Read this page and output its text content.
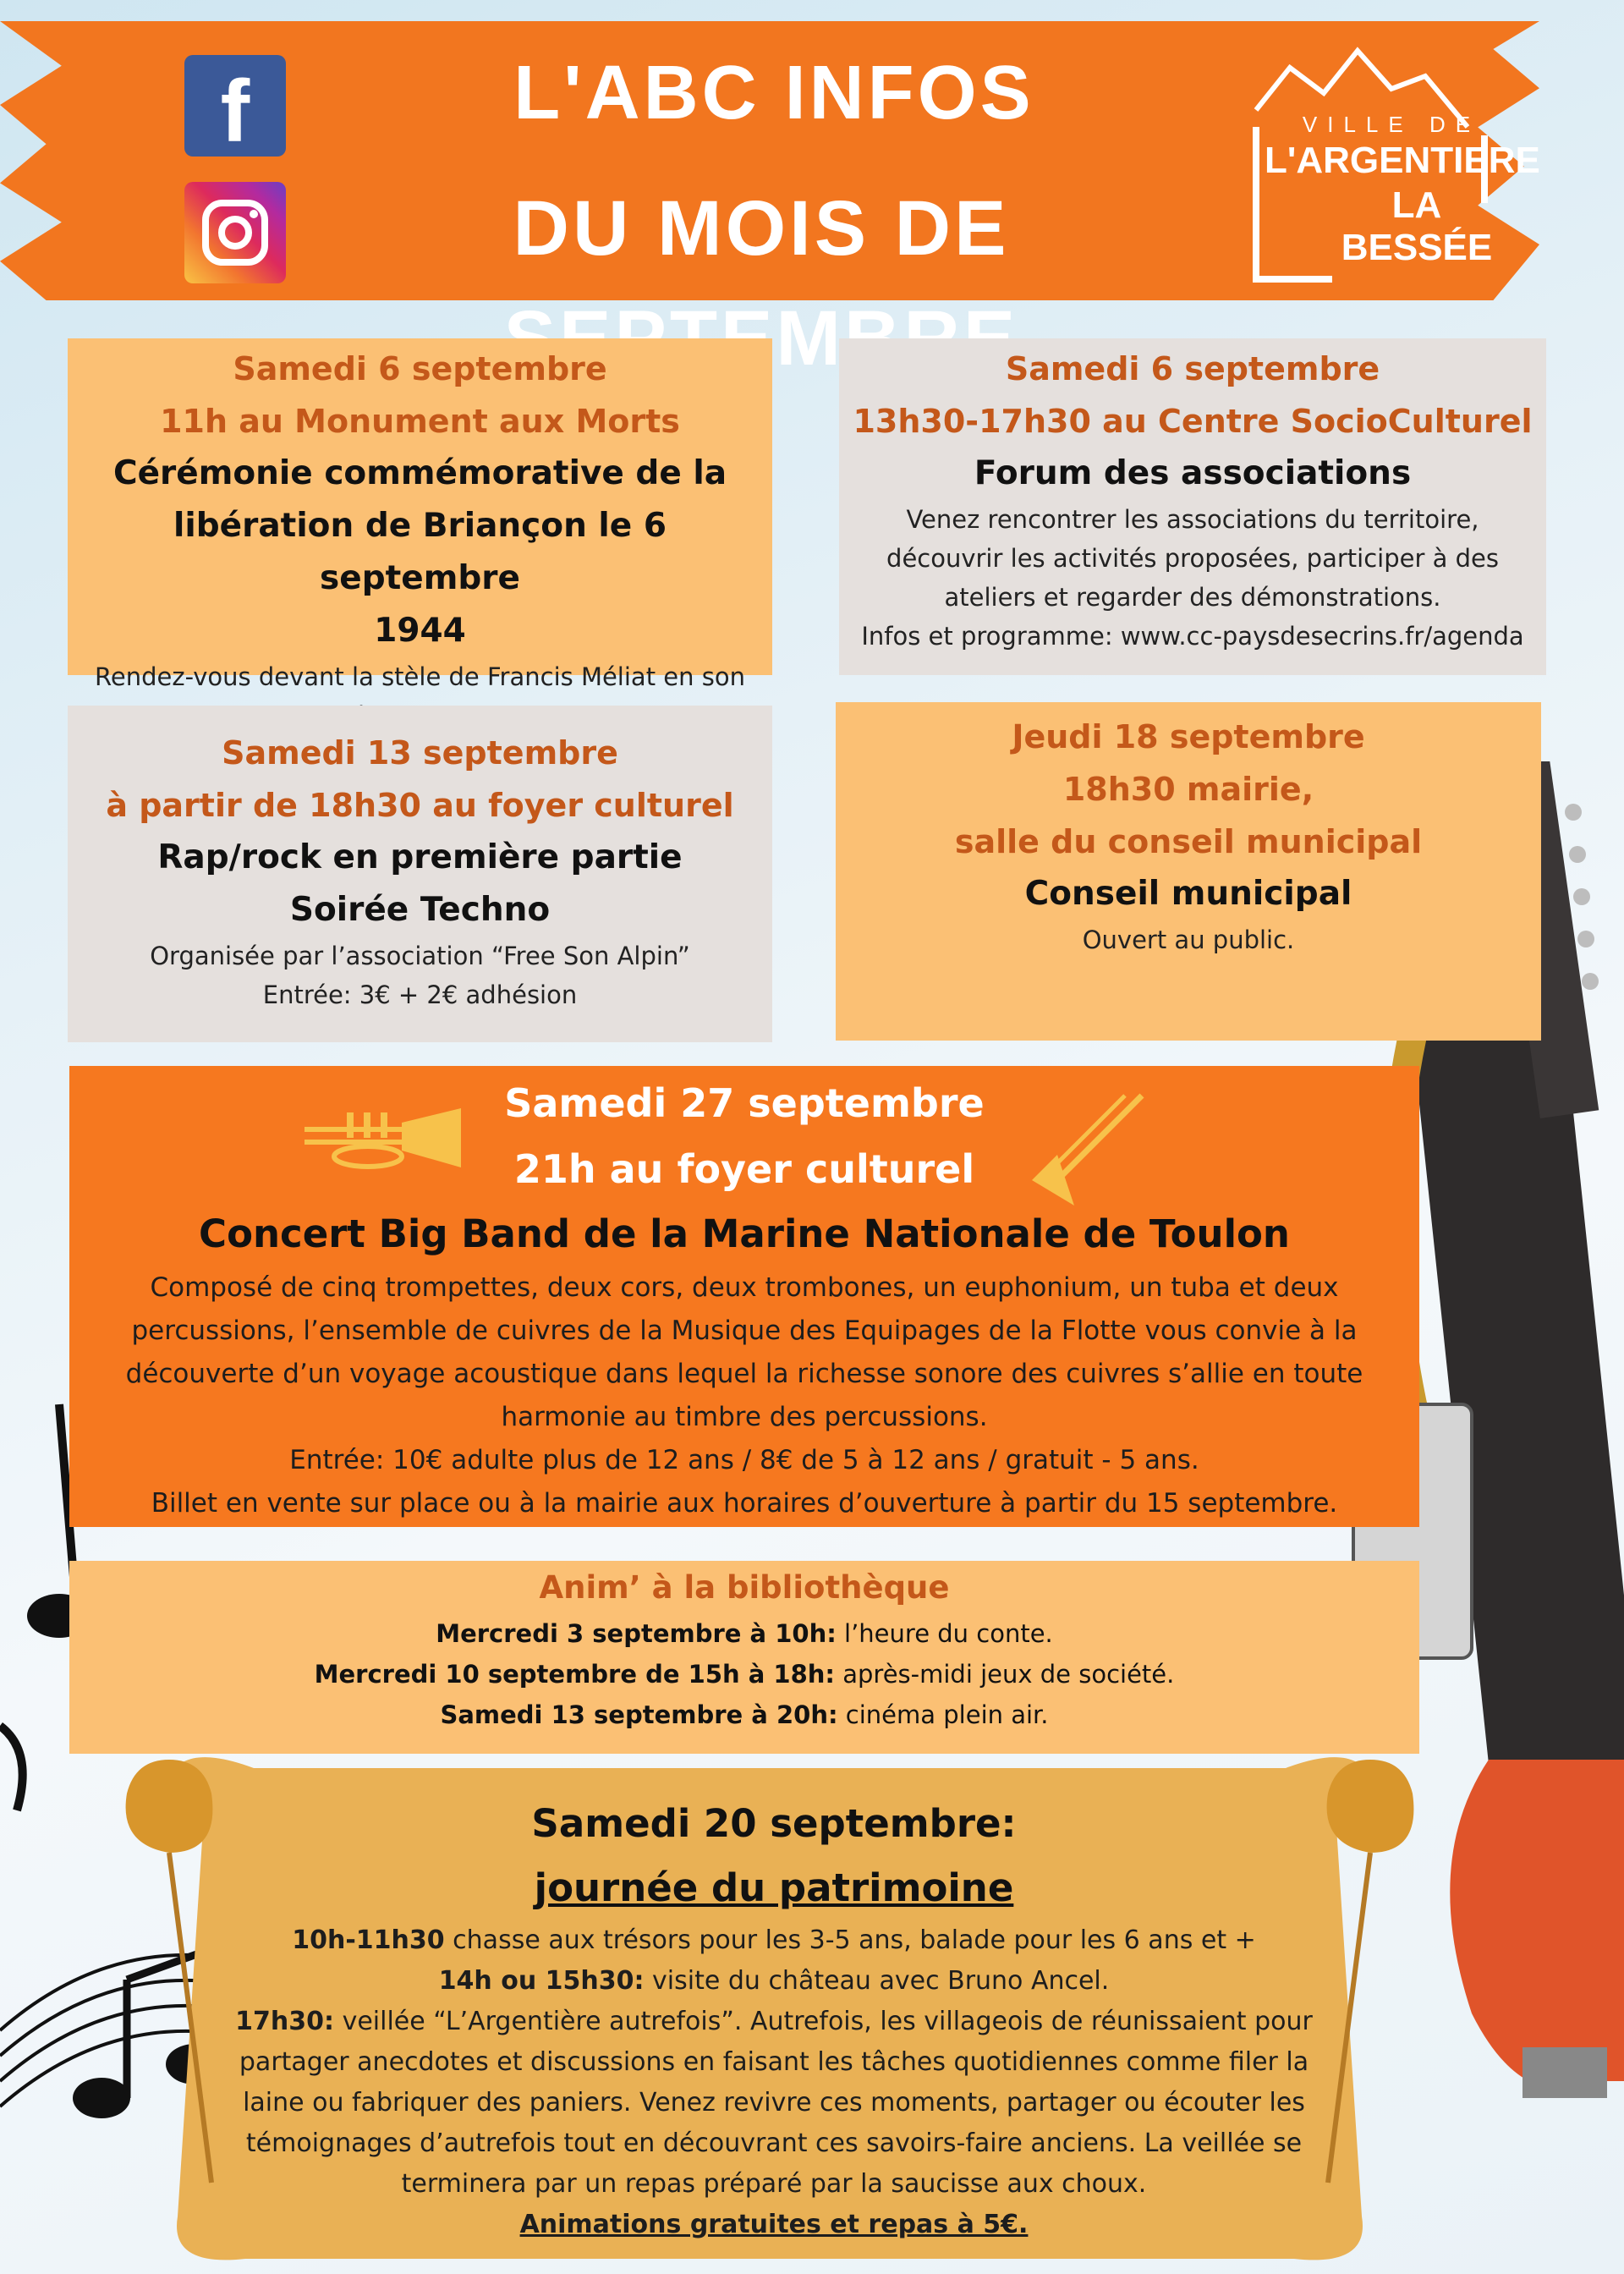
L'ABC INFOS
DU MOIS DE
f	VILLE DE
L'ARGENTIERE
LA BESSÉE
Samedi 6 septembre
11h au Monument aux Morts
Cérémonie commémorative de la
libération de Briançon le 6 septembre
1944
Rendez-vous devant la stèle de Francis Méliat en son
Samedi 6 septembre
13h30-17h30 au Centre SocioCulturel
Forum des associations
Venez rencontrer les associations du territoire,
découvrir les activités proposées, participer à des
ateliers et regarder des démonstrations.
Infos et programme: www.cc-paysdesecrins.fr/agenda
Samedi 13 septembre
à partir de 18h30 au foyer culturel
Rap/rock en première partie
Soirée Techno
Organisée par l’association “Free Son Alpin”
Entrée: 3€ + 2€ adhésion
Jeudi 18 septembre
18h30 mairie,
salle du conseil municipal
Conseil municipal
Ouvert au public.
Samedi 27 septembre
21h au foyer culturel
Concert Big Band de la Marine Nationale de Toulon
Composé de cinq trompettes, deux cors, deux trombones, un euphonium, un tuba et deux
percussions, l’ensemble de cuivres de la Musique des Equipages de la Flotte vous convie à la
découverte d’un voyage acoustique dans lequel la richesse sonore des cuivres s’allie en toute
harmonie au timbre des percussions.
Entrée: 10€ adulte plus de 12 ans / 8€ de 5 à 12 ans / gratuit - 5 ans.
Billet en vente sur place ou à la mairie aux horaires d’ouverture à partir du 15 septembre.
Anim’ à la bibliothèque
Mercredi 3 septembre à 10h: l’heure du conte.
Mercredi 10 septembre de 15h à 18h: après-midi jeux de société.
Samedi 13 septembre à 20h: cinéma plein air.
Samedi 20 septembre:
journée du patrimoine
10h-11h30 chasse aux trésors pour les 3-5 ans, balade pour les 6 ans et +
14h ou 15h30: visite du château avec Bruno Ancel.
17h30: veillée “L’Argentière autrefois”. Autrefois, les villageois de réunissaient pour
partager anecdotes et discussions en faisant les tâches quotidiennes comme filer la
laine ou fabriquer des paniers. Venez revivre ces moments, partager ou écouter les
témoignages d’autrefois tout en découvrant ces savoirs-faire anciens. La veillée se
terminera par un repas préparé par la saucisse aux choux.
Animations gratuites et repas à 5€.
